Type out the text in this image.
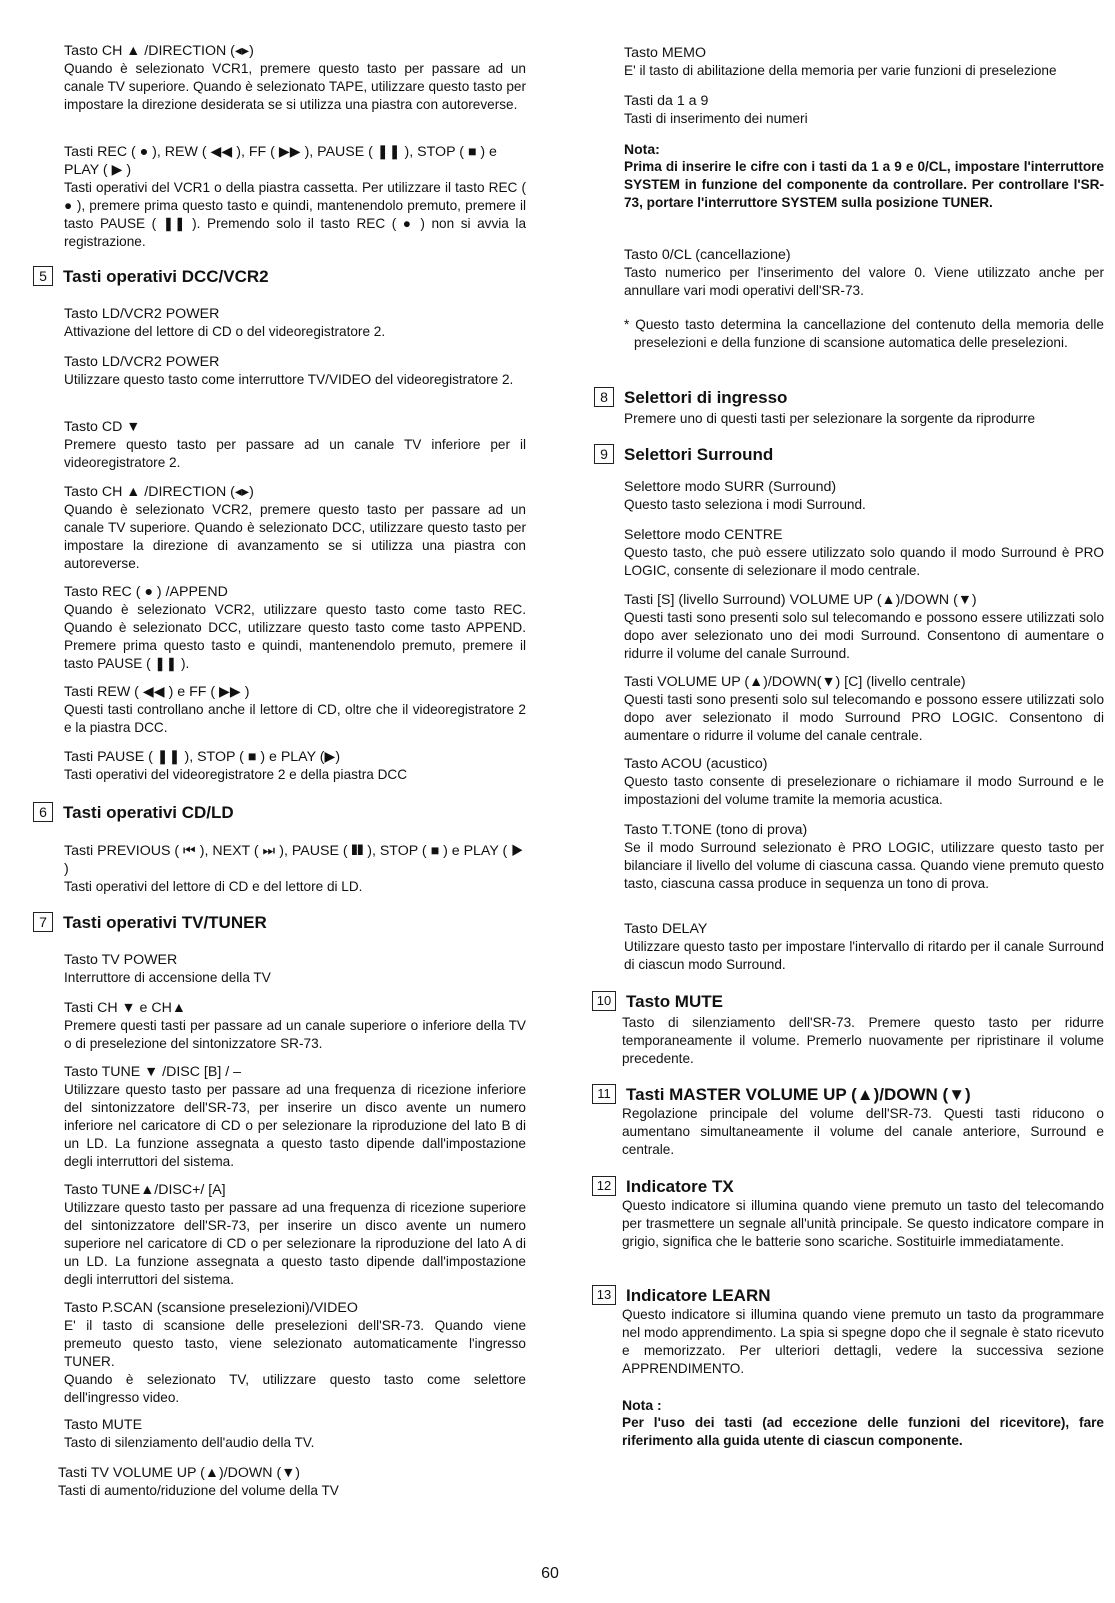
Tasto CH ▲ /DIRECTION (◂▸)

Quando è selezionato VCR1, premere questo tasto per passare ad un canale TV superiore. Quando è selezionato TAPE, utilizzare questo tasto per impostare la direzione desiderata se si utilizza una piastra con autoreverse.

Tasti REC ( ● ), REW ( ◀◀ ), FF ( ▶▶ ), PAUSE ( ❚❚ ), STOP ( ■ ) e PLAY ( ▶ )

Tasti operativi del VCR1 o della piastra cassetta. Per utilizzare il tasto REC ( ● ), premere prima questo tasto e quindi, mantenendolo premuto, premere il tasto PAUSE ( ❚❚ ). Premendo solo il tasto REC ( ● ) non si avvia la registrazione.

5 Tasti operativi DCC/VCR2

Tasto LD/VCR2 POWER

Attivazione del lettore di CD o del videoregistratore 2.

Tasto LD/VCR2 POWER

Utilizzare questo tasto come interruttore TV/VIDEO del videoregistratore 2.

Tasto CD ▼

Premere questo tasto per passare ad un canale TV inferiore per il videoregistratore 2.

Tasto CH ▲ /DIRECTION (◂▸)

Quando è selezionato VCR2, premere questo tasto per passare ad un canale TV superiore. Quando è selezionato DCC, utilizzare questo tasto per impostare la direzione di avanzamento se si utilizza una piastra con autoreverse.

Tasto REC ( ● ) /APPEND

Quando è selezionato VCR2, utilizzare questo tasto come tasto REC. Quando è selezionato DCC, utilizzare questo tasto come tasto APPEND. Premere prima questo tasto e quindi, mantenendolo premuto, premere il tasto PAUSE ( ❚❚ ).

Tasti REW ( ◀◀ ) e FF ( ▶▶ )

Questi tasti controllano anche il lettore di CD, oltre che il videoregistratore 2 e la piastra DCC.

Tasti PAUSE ( ❚❚ ), STOP ( ■ ) e PLAY (▶)

Tasti operativi del videoregistratore 2 e della piastra DCC

6 Tasti operativi CD/LD

Tasti PREVIOUS ( ⏮ ), NEXT ( ⏭ ), PAUSE ( ❚❚ ), STOP ( ■ ) e PLAY ( ▶ )

Tasti operativi del lettore di CD e del lettore di LD.

7 Tasti operativi TV/TUNER

Tasto TV POWER

Interruttore di accensione della TV

Tasti CH ▼ e CH▲

Premere questi tasti per passare ad un canale superiore o inferiore della TV o di preselezione del sintonizzatore SR-73.

Tasto TUNE ▼ /DISC [B] / –

Utilizzare questo tasto per passare ad una frequenza di ricezione inferiore del sintonizzatore dell'SR-73, per inserire un disco avente un numero inferiore nel caricatore di CD o per selezionare la riproduzione del lato B di un LD. La funzione assegnata a questo tasto dipende dall'impostazione degli interruttori del sistema.

Tasto TUNE▲/DISC+/ [A]

Utilizzare questo tasto per passare ad una frequenza di ricezione superiore del sintonizzatore dell'SR-73, per inserire un disco avente un numero superiore nel caricatore di CD o per selezionare la riproduzione del lato A di un LD. La funzione assegnata a questo tasto dipende dall'impostazione degli interruttori del sistema.

Tasto P.SCAN (scansione preselezioni)/VIDEO

E' il tasto di scansione delle preselezioni dell'SR-73. Quando viene premeuto questo tasto, viene selezionato automaticamente l'ingresso TUNER.

Quando è selezionato TV, utilizzare questo tasto come selettore dell'ingresso video.

Tasto MUTE

Tasto di silenziamento dell'audio della TV.

Tasti TV VOLUME UP (▲)/DOWN (▼)

Tasti di aumento/riduzione del volume della TV

Tasto MEMO

E' il tasto di abilitazione della memoria per varie funzioni di preselezione

Tasti da 1 a 9

Tasti di inserimento dei numeri

Nota:

Prima di inserire le cifre con i tasti da 1 a 9 e 0/CL, impostare l'interruttore SYSTEM in funzione del componente da controllare. Per controllare l'SR-73, portare l'interruttore SYSTEM sulla posizione TUNER.

Tasto 0/CL (cancellazione)

Tasto numerico per l'inserimento del valore 0. Viene utilizzato anche per annullare vari modi operativi dell'SR-73.

* Questo tasto determina la cancellazione del contenuto della memoria delle preselezioni e della funzione di scansione automatica delle preselezioni.

8 Selettori di ingresso

Premere uno di questi tasti per selezionare la sorgente da riprodurre

9 Selettori Surround

Selettore modo SURR (Surround)

Questo tasto seleziona i modi Surround.

Selettore modo CENTRE

Questo tasto, che può essere utilizzato solo quando il modo Surround è PRO LOGIC, consente di selezionare il modo centrale.

Tasti [S] (livello Surround) VOLUME UP (▲)/DOWN (▼)

Questi tasti sono presenti solo sul telecomando e possono essere utilizzati solo dopo aver selezionato uno dei modi Surround. Consentono di aumentare o ridurre il volume del canale Surround.

Tasti VOLUME UP (▲)/DOWN(▼) [C] (livello centrale)

Questi tasti sono presenti solo sul telecomando e possono essere utilizzati solo dopo aver selezionato il modo Surround PRO LOGIC. Consentono di aumentare o ridurre il volume del canale centrale.

Tasto ACOU (acustico)

Questo tasto consente di preselezionare o richiamare il modo Surround e le impostazioni del volume tramite la memoria acustica.

Tasto T.TONE (tono di prova)

Se il modo Surround selezionato è PRO LOGIC, utilizzare questo tasto per bilanciare il livello del volume di ciascuna cassa. Quando viene premuto questo tasto, ciascuna cassa produce in sequenza un tono di prova.

Tasto DELAY

Utilizzare questo tasto per impostare l'intervallo di ritardo per il canale Surround di ciascun modo Surround.

10 Tasto MUTE

Tasto di silenziamento dell'SR-73. Premere questo tasto per ridurre temporaneamente il volume. Premerlo nuovamente per ripristinare il volume precedente.

11 Tasti MASTER VOLUME UP (▲)/DOWN (▼)

Regolazione principale del volume dell'SR-73. Questi tasti riducono o aumentano simultaneamente il volume del canale anteriore, Surround e centrale.

12 Indicatore TX

Questo indicatore si illumina quando viene premuto un tasto del telecomando per trasmettere un segnale all'unità principale. Se questo indicatore compare in grigio, significa che le batterie sono scariche. Sostituirle immediatamente.

13 Indicatore LEARN

Questo indicatore si illumina quando viene premuto un tasto da programmare nel modo apprendimento. La spia si spegne dopo che il segnale è stato ricevuto e memorizzato. Per ulteriori dettagli, vedere la successiva sezione APPRENDIMENTO.

Nota :

Per l'uso dei tasti (ad eccezione delle funzioni del ricevitore), fare riferimento alla guida utente di ciascun componente.

60
